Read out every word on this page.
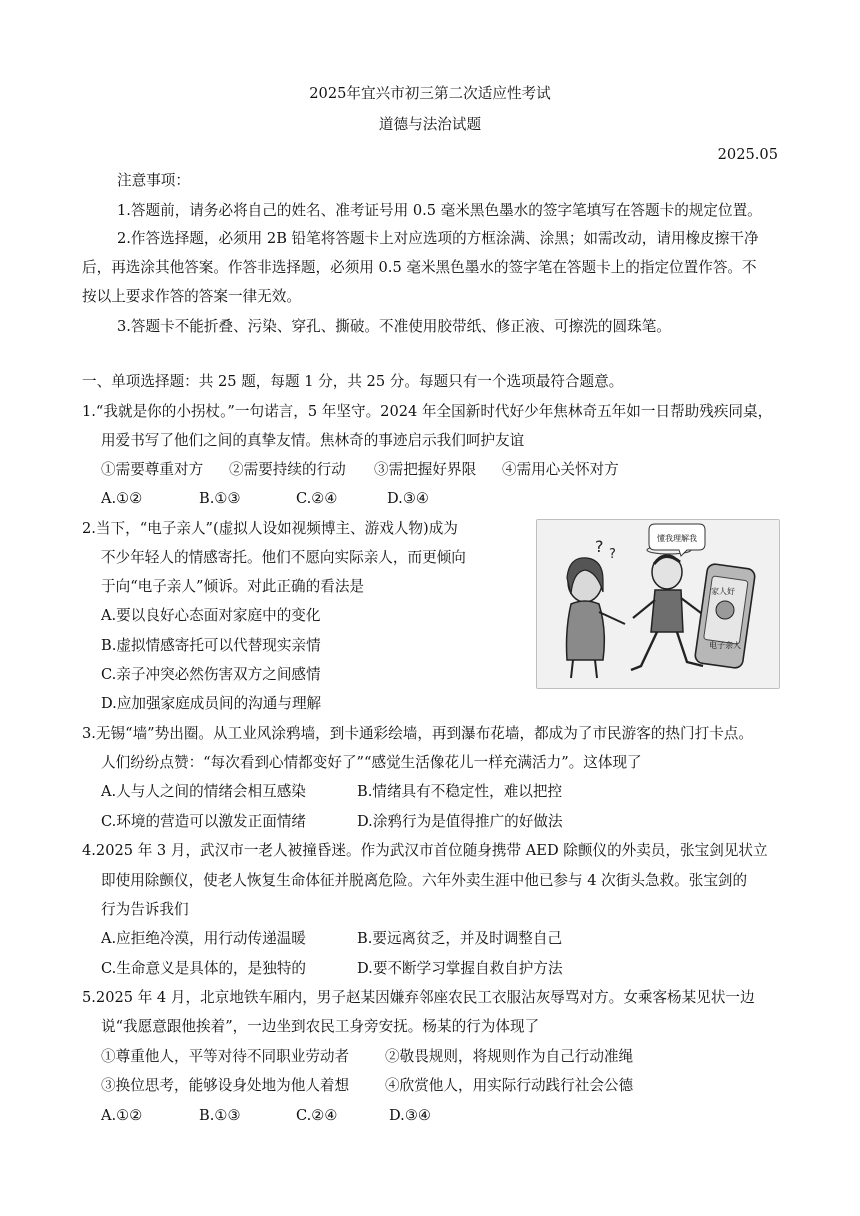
2025年宜兴市初三第二次适应性考试
道德与法治试题
2025.05
注意事项：
1.答题前，请务必将自己的姓名、准考证号用 0.5 毫米黑色墨水的签字笔填写在答题卡的规定位置。
2.作答选择题，必须用 2B 铅笔将答题卡上对应选项的方框涂满、涂黑；如需改动，请用橡皮擦干净
后，再选涂其他答案。作答非选择题，必须用 0.5 毫米黑色墨水的签字笔在答题卡上的指定位置作答。不
按以上要求作答的答案一律无效。
3.答题卡不能折叠、污染、穿孔、撕破。不准使用胶带纸、修正液、可擦洗的圆珠笔。
一、单项选择题：共 25 题，每题 1 分，共 25 分。每题只有一个选项最符合题意。
1.“我就是你的小拐杖。”一句诺言，5 年坚守。2024 年全国新时代好少年焦林奇五年如一日帮助残疾同桌，
用爱书写了他们之间的真挚友情。焦林奇的事迹启示我们呵护友谊
①需要尊重对方 ②需要持续的行动 ③需把握好界限 ④需用心关怀对方
A.①②	B.①③	C.②④	D.③④
2.当下，“电子亲人”(虚拟人设如视频博主、游戏人物)成为
不少年轻人的情感寄托。他们不愿向实际亲人，而更倾向
于向“电子亲人”倾诉。对此正确的看法是
A.要以良好心态面对家庭中的变化
B.虚拟情感寄托可以代替现实亲情
C.亲子冲突必然伤害双方之间感情
D.应加强家庭成员间的沟通与理解
? ?
懂我理解我
家人好
电子亲人
3.无锡“墙”势出圈。从工业风涂鸦墙，到卡通彩绘墙，再到瀑布花墙，都成为了市民游客的热门打卡点。
人们纷纷点赞：“每次看到心情都变好了”“感觉生活像花儿一样充满活力”。这体现了
A.人与人之间的情绪会相互感染	B.情绪具有不稳定性，难以把控
C.环境的营造可以激发正面情绪	D.涂鸦行为是值得推广的好做法
4.2025 年 3 月，武汉市一老人被撞昏迷。作为武汉市首位随身携带 AED 除颤仪的外卖员，张宝剑见状立
即使用除颤仪，使老人恢复生命体征并脱离危险。六年外卖生涯中他已参与 4 次街头急救。张宝剑的
行为告诉我们
A.应拒绝冷漠，用行动传递温暖	B.要远离贫乏，并及时调整自己
C.生命意义是具体的，是独特的	D.要不断学习掌握自救自护方法
5.2025 年 4 月，北京地铁车厢内，男子赵某因嫌弃邻座农民工衣服沾灰辱骂对方。女乘客杨某见状一边
说“我愿意跟他挨着”，一边坐到农民工身旁安抚。杨某的行为体现了
①尊重他人，平等对待不同职业劳动者 ②敬畏规则，将规则作为自己行动准绳
③换位思考，能够设身处地为他人着想 ④欣赏他人，用实际行动践行社会公德
A.①②	B.①③	C.②④	D.③④
